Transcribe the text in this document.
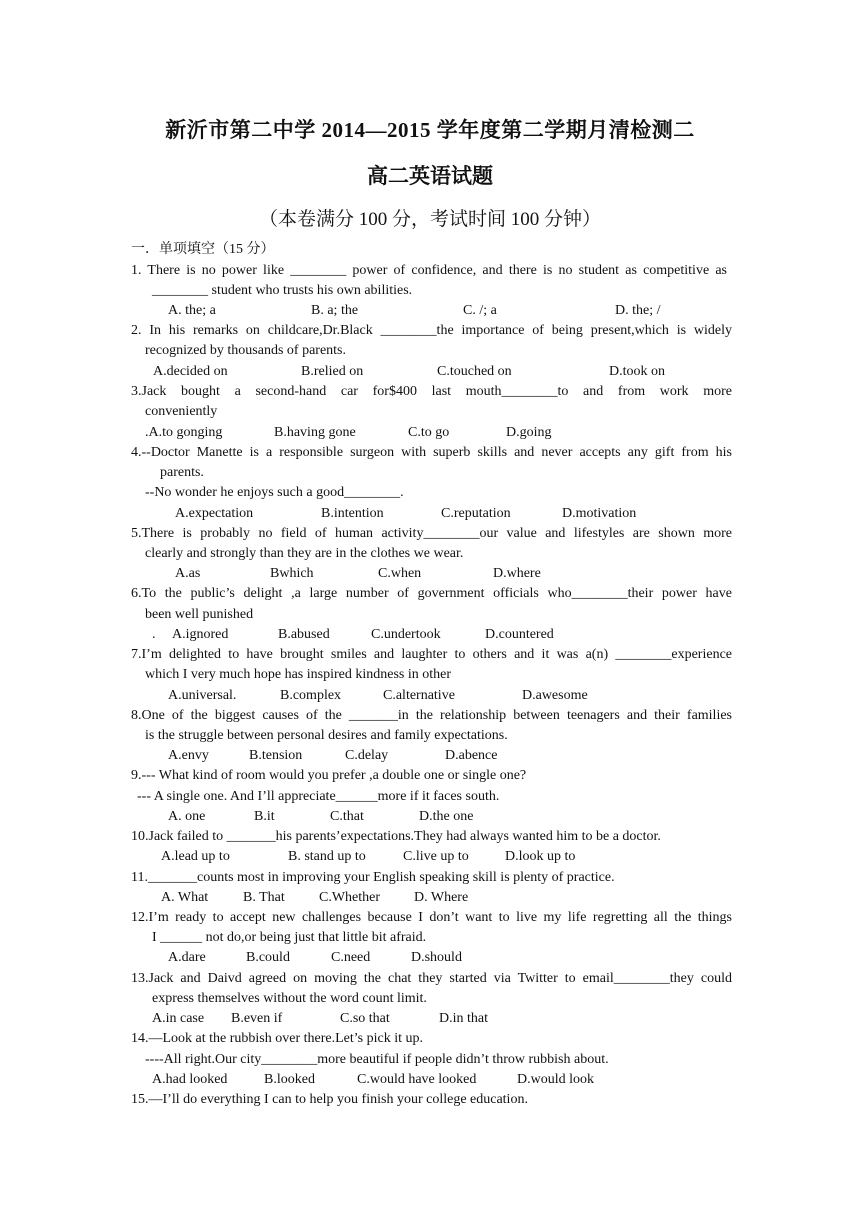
新沂市第二中学 2014—2015 学年度第二学期月清检测二
高二英语试题
（本卷满分 100 分，考试时间 100 分钟）
一．单项填空（15 分）
1. There is no power like ________ power of confidence, and there is no student as competitive as
________ student who trusts his own abilities.
A. the; a	B. a; the	C. /; a	D. the; /
2. In his remarks on childcare,Dr.Black ________the importance of being present,which is widely
recognized by thousands of parents.
A.decided on	B.relied on	C.touched on	D.took on
3.Jack bought a second-hand car for$400 last mouth________to and from work more
conveniently
.A.to gonging	B.having gone	C.to go	D.going
4.--Doctor Manette is a responsible surgeon with superb skills and never accepts any gift from his
parents.
--No wonder he enjoys such a good________.
A.expectation	B.intention	C.reputation	D.motivation
5.There is probably no field of human activity________our value and lifestyles are shown more
clearly and strongly than they are in the clothes we wear.
A.as	Bwhich	C.when	D.where
6.To the public’s delight ,a large number of government officials who________their power have
been well punished
. A.ignored	B.abused	C.undertook	D.countered
7.I’m delighted to have brought smiles and laughter to others and it was a(n) ________experience
which I very much hope has inspired kindness in other
A.universal.	B.complex	C.alternative	D.awesome
8.One of the biggest causes of the _______in the relationship between teenagers and their families
is the struggle between personal desires and family expectations.
A.envy	B.tension	C.delay	D.abence
9.--- What kind of room would you prefer ,a double one or single one?
--- A single one. And I’ll appreciate______more if it faces south.
A. one	B.it	C.that	D.the one
10.Jack failed to _______his parents’expectations.They had always wanted him to be a doctor.
A.lead up to	B. stand up to	C.live up to	D.look up to
11._______counts most in improving your English speaking skill is plenty of practice.
A. What B. That C.Whether D. Where
12.I’m ready to accept new challenges because I don’t want to live my life regretting all the things
I ______ not do,or being just that little bit afraid.
A.dare	B.could	C.need	D.should
13.Jack and Daivd agreed on moving the chat they started via Twitter to email________they could
express themselves without the word count limit.
A.in case B.even if	C.so that	D.in that
14.—Look at the rubbish over there.Let’s pick it up.
----All right.Our city________more beautiful if people didn’t throw rubbish about.
A.had looked	B.looked	C.would have looked	D.would look
15.—I’ll do everything I can to help you finish your college education.
